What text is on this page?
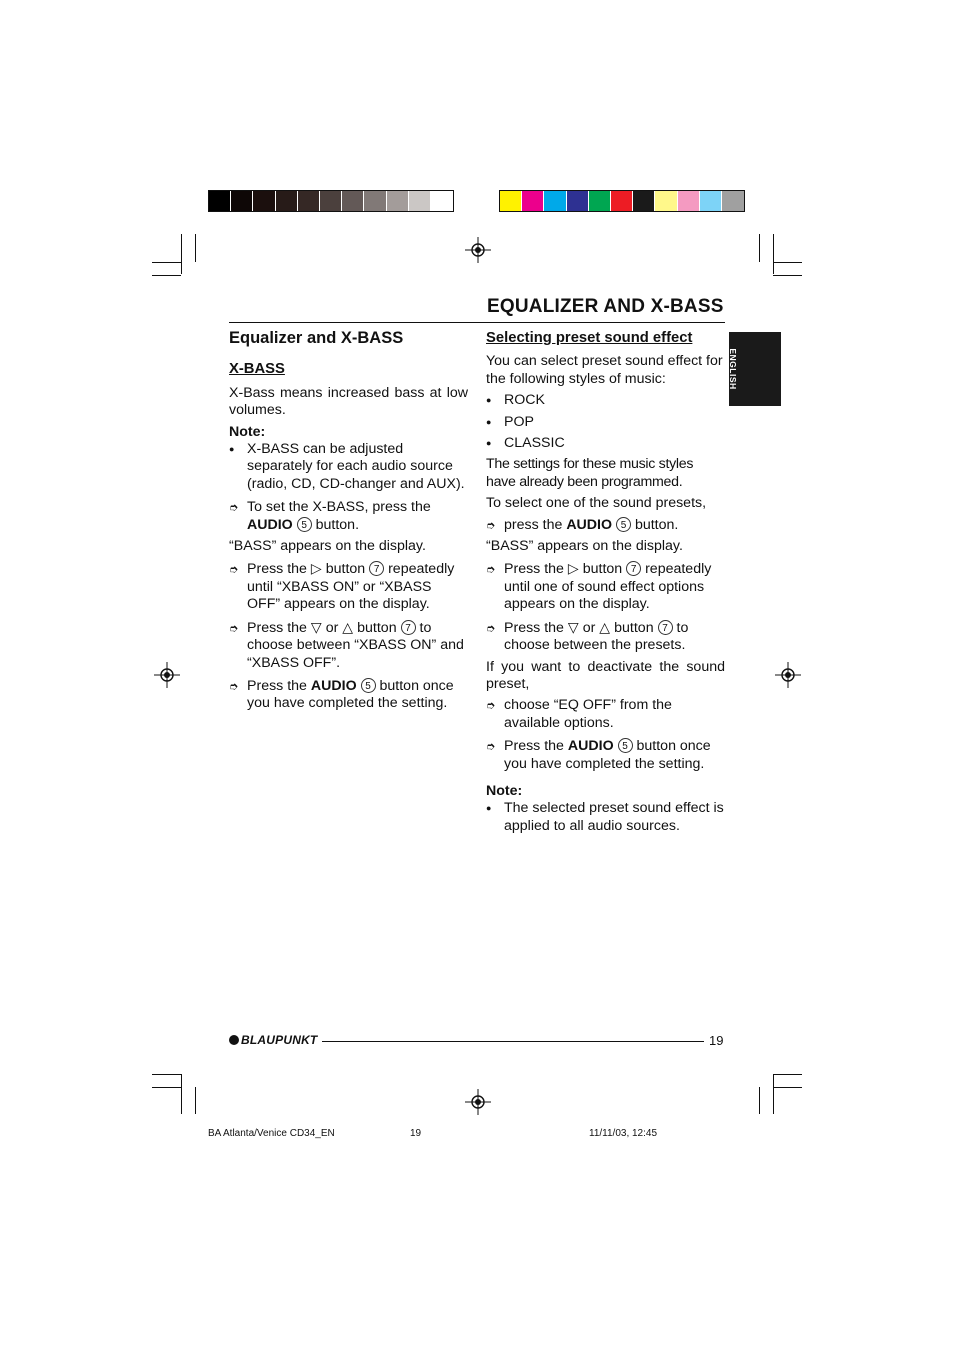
EQUALIZER AND X-BASS
ENGLISH
Equalizer and X-BASS
X-BASS

X-Bass means increased bass at low volumes.

Note:
●
X-BASS can be adjusted separately for each audio source (radio, CD, CD-changer and AUX).
➮
To set the X-BASS, press the AUDIO 5 button.

“BASS” appears on the display.

➮
Press the ▷ button 7 repeatedly until “XBASS ON” or “XBASS OFF” appears on the display.
➮
Press the ▽ or △ button 7 to choose between “XBASS ON” and “XBASS OFF”.
➮
Press the AUDIO 5 button once you have completed the setting.
Selecting preset sound effect

You can select preset sound effect for the following styles of music:

●
ROCK
●
POP
●
CLASSIC

The settings for these music styles have already been programmed.

To select one of the sound presets,

➮
press the AUDIO 5 button.

“BASS” appears on the display.

➮
Press the ▷ button 7 repeatedly until one of sound effect options appears on the display.
➮
Press the ▽ or △ button 7 to choose between the presets.

If you want to deactivate the sound preset,

➮
choose “EQ OFF” from the available options.
➮
Press the AUDIO 5 button once you have completed the setting.
Note:
●
The selected preset sound effect is applied to all audio sources.
BLAUPUNKT	19
BA Atlanta/Venice CD34_EN	19	11/11/03, 12:45
